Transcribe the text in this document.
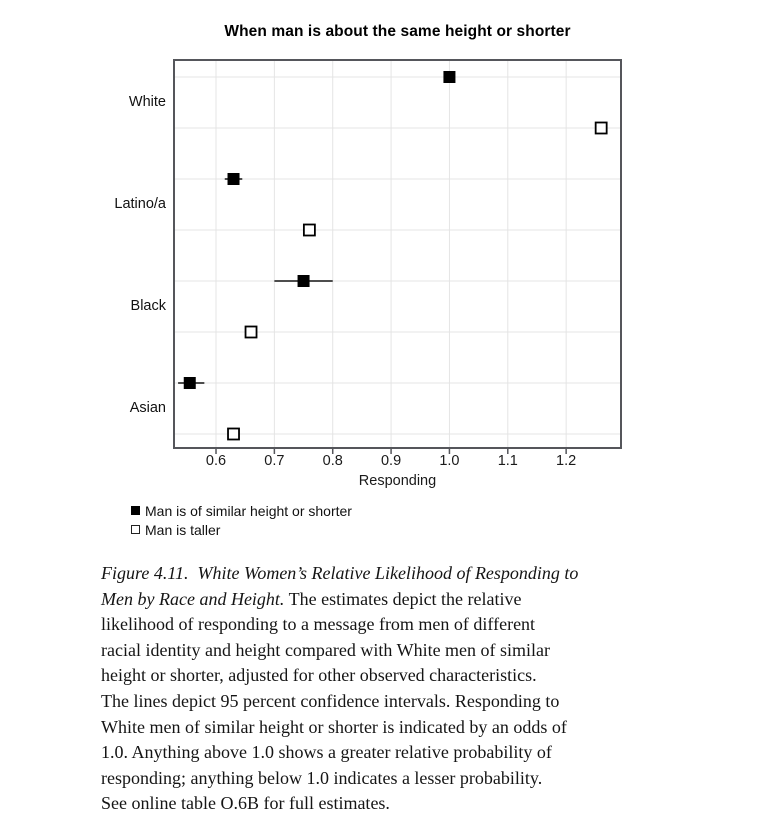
When man is about the same height or shorter
White
Latino/a
Black
Asian
0.6	0.7	0.8	0.9	1.0	1.1	1.2
Responding
Man is of similar height or shorter
Man is taller
Figure 4.11.  White Women’s Relative Likelihood of Responding to
Men by Race and Height. The estimates depict the relative
likelihood of responding to a message from men of different
racial identity and height compared with White men of similar
height or shorter, adjusted for other observed characteristics.
The lines depict 95 percent confidence intervals. Responding to
White men of similar height or shorter is indicated by an odds of
1.0. Anything above 1.0 shows a greater relative probability of
responding; anything below 1.0 indicates a lesser probability.
See online table O.6B for full estimates.
